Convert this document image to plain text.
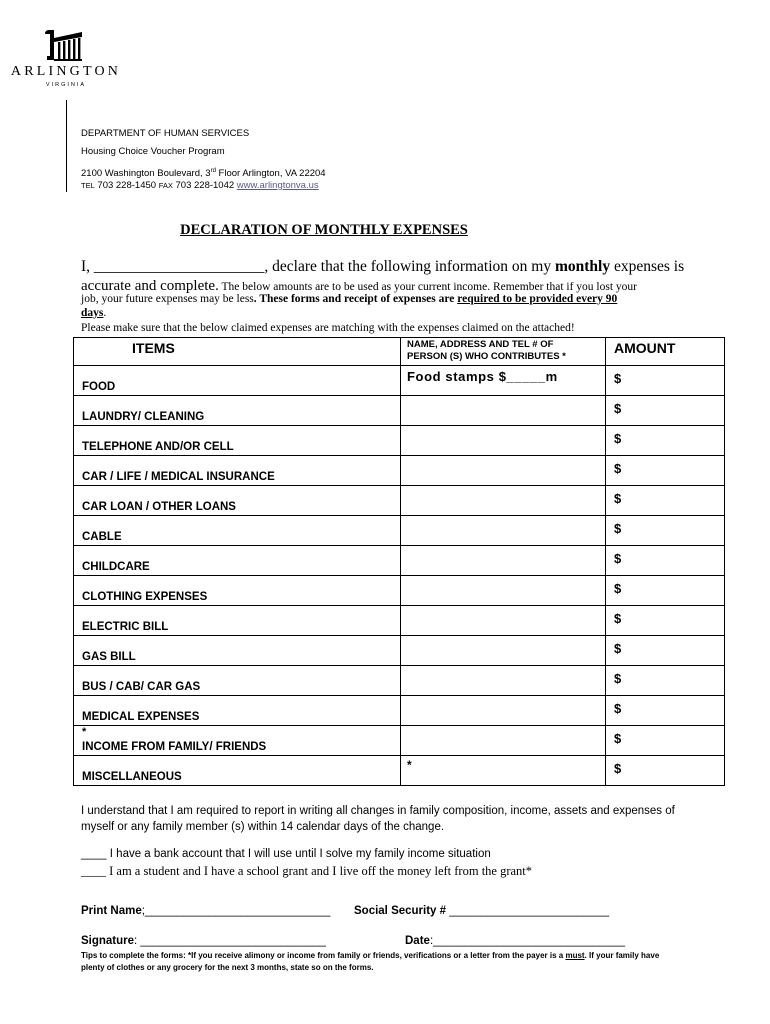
ARLINGTON
VIRGINIA
DEPARTMENT OF HUMAN SERVICES
Housing Choice Voucher Program
2100 Washington Boulevard, 3rd Floor Arlington, VA 22204
TEL 703 228-1450 FAX 703 228-1042 www.arlingtonva.us
DECLARATION OF MONTHLY EXPENSES
I, ______________________, declare that the following information on my monthly expenses is
accurate and complete. The below amounts are to be used as your current income. Remember that if you lost your
job, your future expenses may be less. These forms and receipt of expenses are required to be provided every 90
days.
Please make sure that the below claimed expenses are matching with the expenses claimed on the attached!
ITEMS	NAME, ADDRESS AND TEL # OF
PERSON (S) WHO CONTRIBUTES *	AMOUNT

FOOD	Food stamps $_____m	$

LAUNDRY/ CLEANING		$

TELEPHONE AND/OR CELL		$

CAR / LIFE / MEDICAL INSURANCE		$

CAR LOAN / OTHER LOANS		$

CABLE		$

CHILDCARE		$

CLOTHING EXPENSES		$

ELECTRIC BILL		$

GAS BILL		$

BUS / CAB/ CAR GAS		$

MEDICAL EXPENSES		$

*
INCOME FROM FAMILY/ FRIENDS		$

MISCELLANEOUS	*	$
I understand that I am required to report in writing all changes in family composition, income, assets and expenses of myself or any family member (s) within 14 calendar days of the change.
____ I have a bank account that I will use until I solve my family income situation
____ I am a student and I have a school grant and I live off the money left from the grant*
Print Name;_____________________________ Social Security # _________________________
Signature: _____________________________	Date:______________________________
Tips to complete the forms: *If you receive alimony or income from family or friends, verifications or a letter from the payer is a must. If your family have plenty of clothes or any grocery for the next 3 months, state so on the forms.
